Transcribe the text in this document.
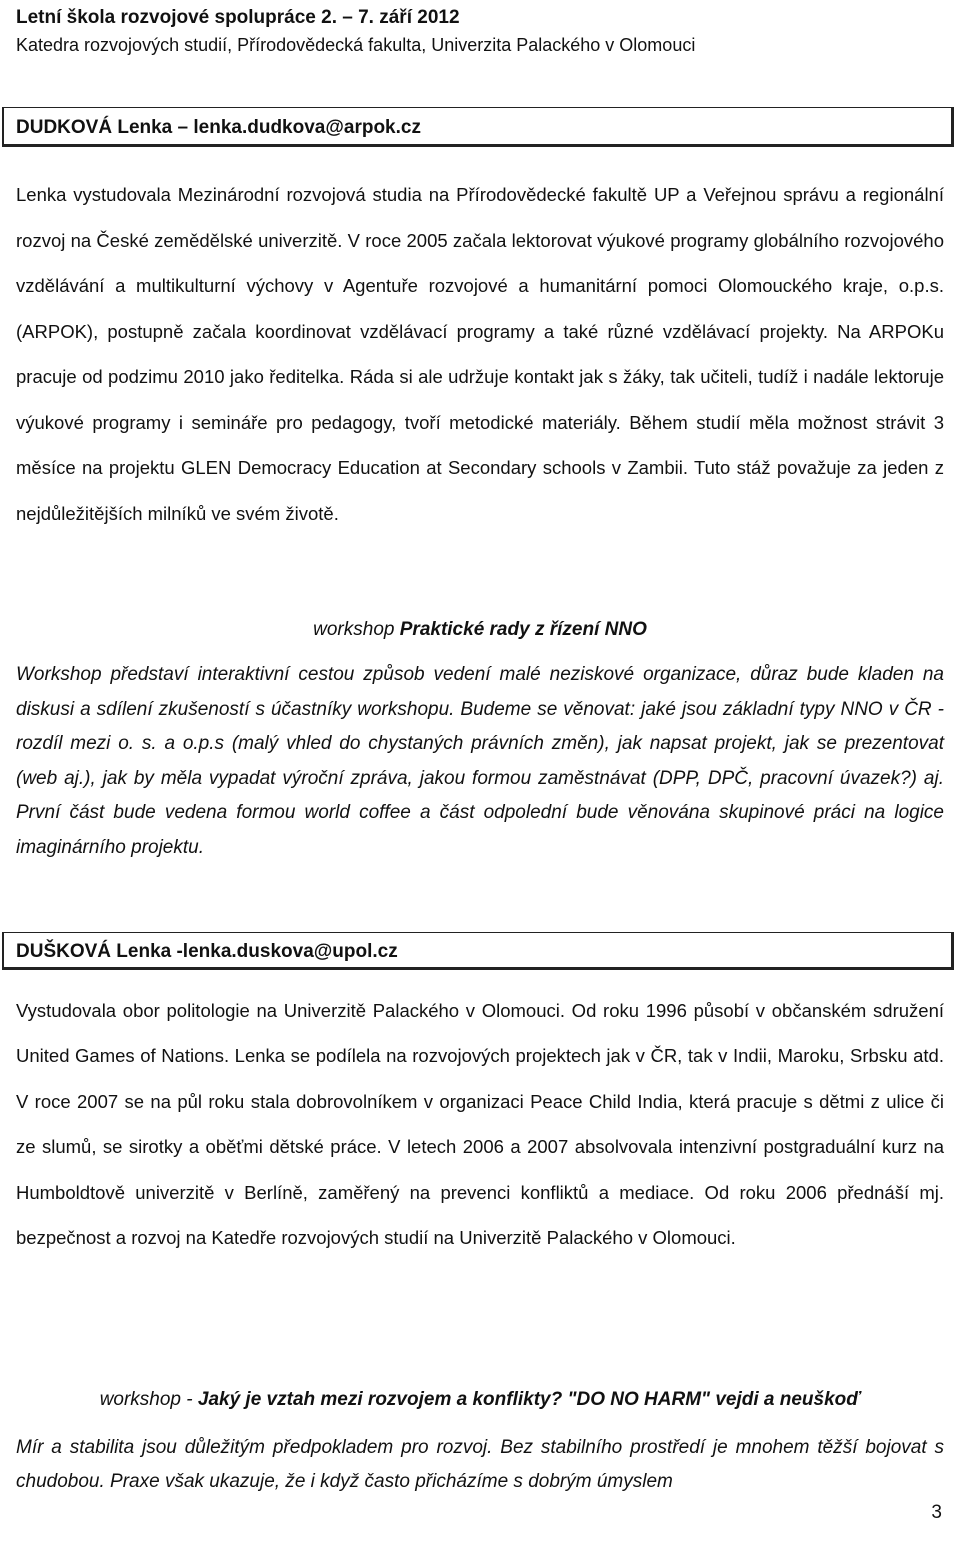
Letní škola rozvojové spolupráce 2. – 7. září 2012
Katedra rozvojových studií, Přírodovědecká fakulta, Univerzita Palackého v Olomouci
DUDKOVÁ Lenka – lenka.dudkova@arpok.cz

Lenka vystudovala Mezinárodní rozvojová studia na Přírodovědecké fakultě UP a Veřejnou správu a regionální rozvoj na České zemědělské univerzitě. V roce 2005 začala lektorovat výukové programy globálního rozvojového vzdělávání a multikulturní výchovy v Agentuře rozvojové a humanitární pomoci Olomouckého kraje, o.p.s. (ARPOK), postupně začala koordinovat vzdělávací programy a také různé vzdělávací projekty. Na ARPOKu pracuje od podzimu 2010 jako ředitelka. Ráda si ale udržuje kontakt jak s žáky, tak učiteli, tudíž i nadále lektoruje výukové programy i semináře pro pedagogy, tvoří metodické materiály. Během studií měla možnost strávit 3 měsíce na projektu GLEN Democracy Education at Secondary schools v Zambii. Tuto stáž považuje za jeden z nejdůležitějších milníků ve svém životě.

workshop Praktické rady z řízení NNO

Workshop představí interaktivní cestou způsob vedení malé neziskové organizace, důraz bude kladen na diskusi a sdílení zkušeností s účastníky workshopu. Budeme se věnovat: jaké jsou základní typy NNO v ČR - rozdíl mezi o. s. a o.p.s (malý vhled do chystaných právních změn), jak napsat projekt, jak se prezentovat (web aj.), jak by měla vypadat výroční zpráva, jakou formou zaměstnávat (DPP, DPČ, pracovní úvazek?) aj. První část bude vedena formou world coffee a část odpolední bude věnována skupinové práci na logice imaginárního projektu.

DUŠKOVÁ Lenka -lenka.duskova@upol.cz

Vystudovala obor politologie na Univerzitě Palackého v Olomouci. Od roku 1996 působí v občanském sdružení United Games of Nations. Lenka se podílela na rozvojových projektech jak v ČR, tak v Indii, Maroku, Srbsku atd. V roce 2007 se na půl roku stala dobrovolníkem v organizaci Peace Child India, která pracuje s dětmi z ulice či ze slumů, se sirotky a oběťmi dětské práce. V letech 2006 a 2007 absolvovala intenzivní postgraduální kurz na Humboldtově univerzitě v Berlíně, zaměřený na prevenci konfliktů a mediace. Od roku 2006 přednáší mj. bezpečnost a rozvoj na Katedře rozvojových studií na Univerzitě Palackého v Olomouci.

workshop - Jaký je vztah mezi rozvojem a konflikty? "DO NO HARM" vejdi a neuškoď

Mír a stabilita jsou důležitým předpokladem pro rozvoj. Bez stabilního prostředí je mnohem těžší bojovat s chudobou. Praxe však ukazuje, že i když často přicházíme s dobrým úmyslem

3
